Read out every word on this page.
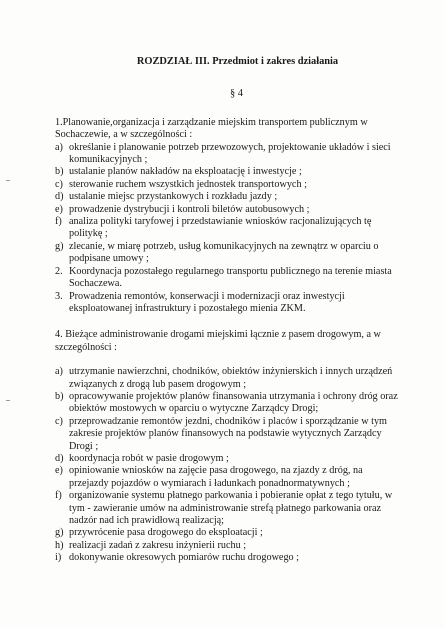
ROZDZIAŁ III. Przedmiot i zakres działania
§ 4

1.Planowanie,organizacja i zarządzanie miejskim transportem publicznym w Sochaczewie, a w szczególności :

a) określanie i planowanie potrzeb przewozowych, projektowanie układów i sieci komunikacyjnych ;
b) ustalanie planów nakładów na eksploatację i inwestycje ;
c) sterowanie ruchem wszystkich jednostek transportowych ;
d) ustalanie miejsc przystankowych i rozkładu jazdy ;
e) prowadzenie dystrybucji i kontroli biletów autobusowych ;
f) analiza polityki taryfowej i przedstawianie wniosków racjonalizujących tę politykę ;
g) zlecanie, w miarę potrzeb, usług komunikacyjnych na zewnątrz w oparciu o podpisane umowy ;
2. Koordynacja pozostałego regularnego transportu publicznego na terenie miasta Sochaczewa.
3. Prowadzenia remontów, konserwacji i modernizacji oraz inwestycji eksploatowanej infrastruktury i pozostałego mienia ZKM.

4. Bieżące administrowanie drogami miejskimi łącznie z pasem drogowym, a w szczególności :

a) utrzymanie nawierzchni, chodników, obiektów inżynierskich i innych urządzeń związanych z drogą lub pasem drogowym ;
b) opracowywanie projektów planów finansowania utrzymania i ochrony dróg oraz obiektów mostowych w oparciu o wytyczne Zarządcy Drogi;
c) przeprowadzanie remontów jezdni, chodników i placów i sporządzanie w tym zakresie projektów planów finansowych na podstawie wytycznych Zarządcy Drogi ;
d) koordynacja robót w pasie drogowym ;
e) opiniowanie wniosków na zajęcie pasa drogowego, na zjazdy z dróg, na przejazdy pojazdów o wymiarach i ładunkach ponadnormatywnych ;
f) organizowanie systemu płatnego parkowania i pobieranie opłat z tego tytułu, w tym - zawieranie umów na administrowanie strefą płatnego parkowania oraz nadzór nad ich prawidłową realizacją;
g) przywrócenie pasa drogowego do eksploatacji ;
h) realizacji zadań z zakresu inżynierii ruchu ;
i) dokonywanie okresowych pomiarów ruchu drogowego ;
